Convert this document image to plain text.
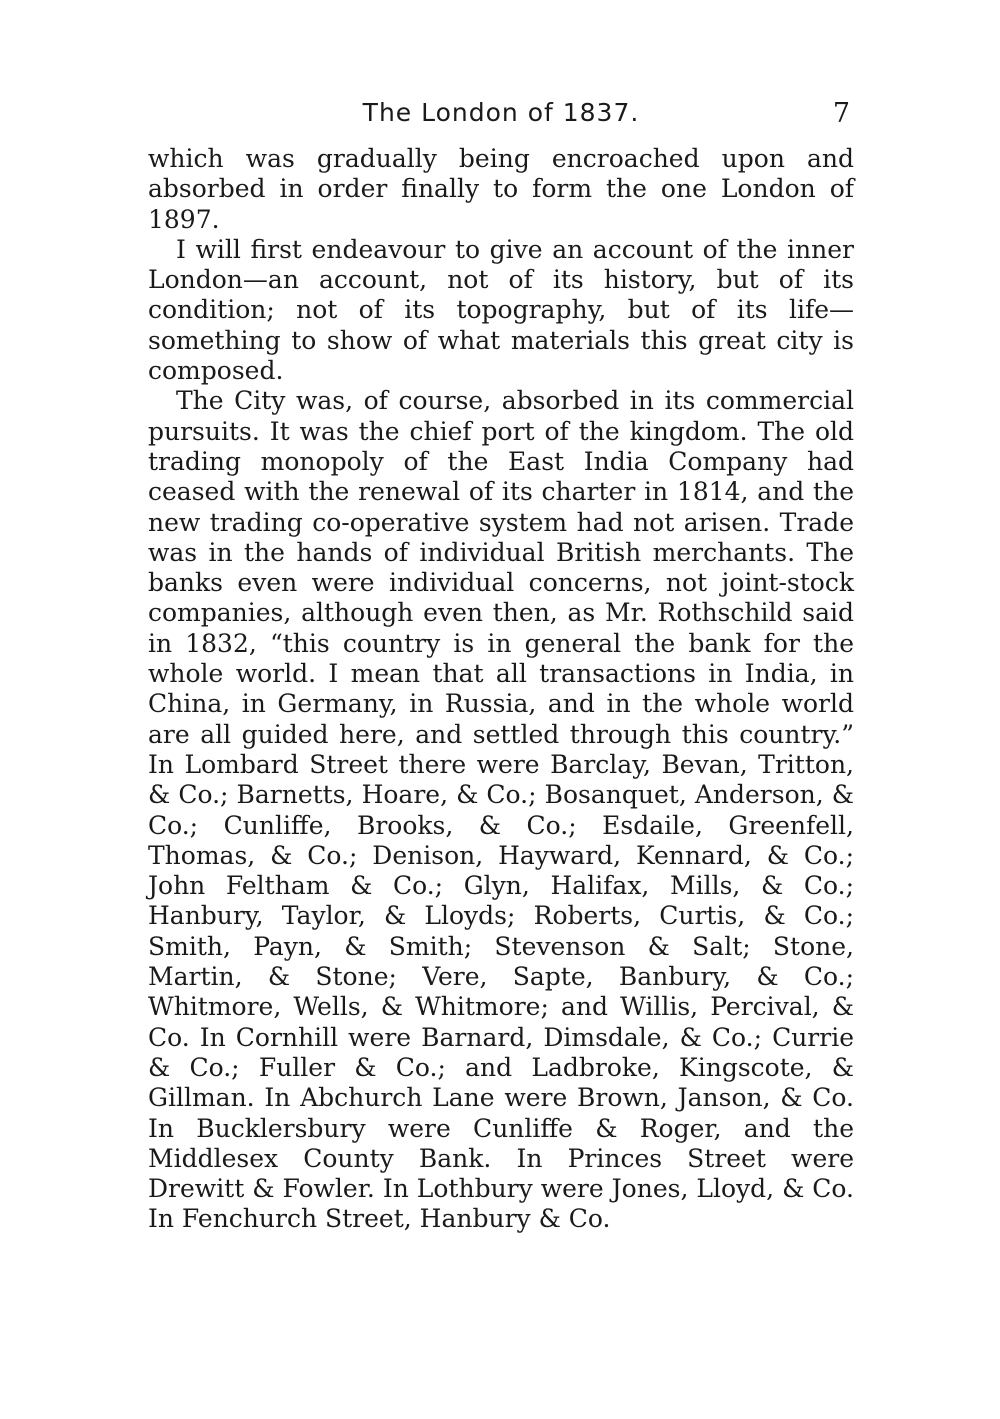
The London of 1837.	7

which was gradually being encroached upon and absorbed in order finally to form the one London of 1897.

I will first endeavour to give an account of the inner London—an account, not of its history, but of its condition; not of its topography, but of its life—something to show of what materials this great city is composed.

The City was, of course, absorbed in its commercial pursuits. It was the chief port of the kingdom. The old trading monopoly of the East India Company had ceased with the renewal of its charter in 1814, and the new trading co-operative system had not arisen. Trade was in the hands of individual British merchants. The banks even were individual concerns, not joint-stock companies, although even then, as Mr. Rothschild said in 1832, “this country is in general the bank for the whole world. I mean that all transactions in India, in China, in Germany, in Russia, and in the whole world are all guided here, and settled through this country.” In Lombard Street there were Barclay, Bevan, Tritton, & Co.; Barnetts, Hoare, & Co.; Bosanquet, Anderson, & Co.; Cunliffe, Brooks, & Co.; Esdaile, Greenfell, Thomas, & Co.; Denison, Hayward, Kennard, & Co.; John Feltham & Co.; Glyn, Halifax, Mills, & Co.; Hanbury, Taylor, & Lloyds; Roberts, Curtis, & Co.; Smith, Payn, & Smith; Stevenson & Salt; Stone, Martin, & Stone; Vere, Sapte, Banbury, & Co.; Whitmore, Wells, & Whitmore; and Willis, Percival, & Co. In Cornhill were Barnard, Dimsdale, & Co.; Currie & Co.; Fuller & Co.; and Ladbroke, Kingscote, & Gillman. In Abchurch Lane were Brown, Janson, & Co. In Bucklersbury were Cunliffe & Roger, and the Middlesex County Bank. In Princes Street were Drewitt & Fowler. In Lothbury were Jones, Lloyd, & Co. In Fenchurch Street, Hanbury & Co.
